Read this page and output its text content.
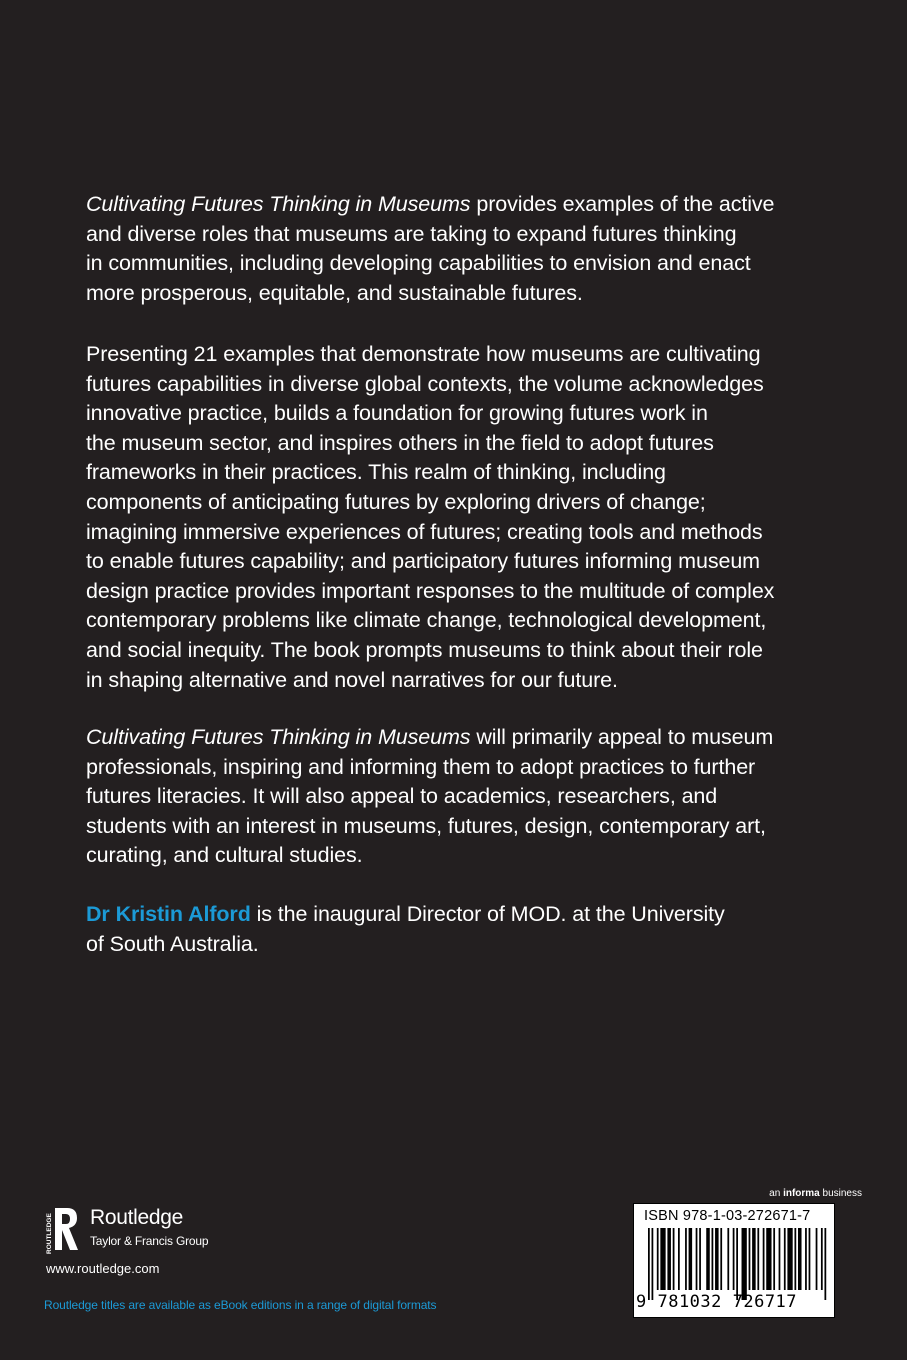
Cultivating Futures Thinking in Museums provides examples of the active
and diverse roles that museums are taking to expand futures thinking
in communities, including developing capabilities to envision and enact
more prosperous, equitable, and sustainable futures.

Presenting 21 examples that demonstrate how museums are cultivating
futures capabilities in diverse global contexts, the volume acknowledges
innovative practice, builds a foundation for growing futures work in
the museum sector, and inspires others in the field to adopt futures
frameworks in their practices. This realm of thinking, including
components of anticipating futures by exploring drivers of change;
imagining immersive experiences of futures; creating tools and methods
to enable futures capability; and participatory futures informing museum
design practice provides important responses to the multitude of complex
contemporary problems like climate change, technological development,
and social inequity. The book prompts museums to think about their role
in shaping alternative and novel narratives for our future.

Cultivating Futures Thinking in Museums will primarily appeal to museum
professionals, inspiring and informing them to adopt practices to further
futures literacies. It will also appeal to academics, researchers, and
students with an interest in museums, futures, design, contemporary art,
curating, and cultural studies.

Dr Kristin Alford is the inaugural Director of MOD. at the University
of South Australia.

ROUTLEDGE Routledge
Taylor & Francis Group
www.routledge.com
Routledge titles are available as eBook editions in a range of digital formats
an informa business
ISBN 978-1-03-272671-7
9 781032 726717
